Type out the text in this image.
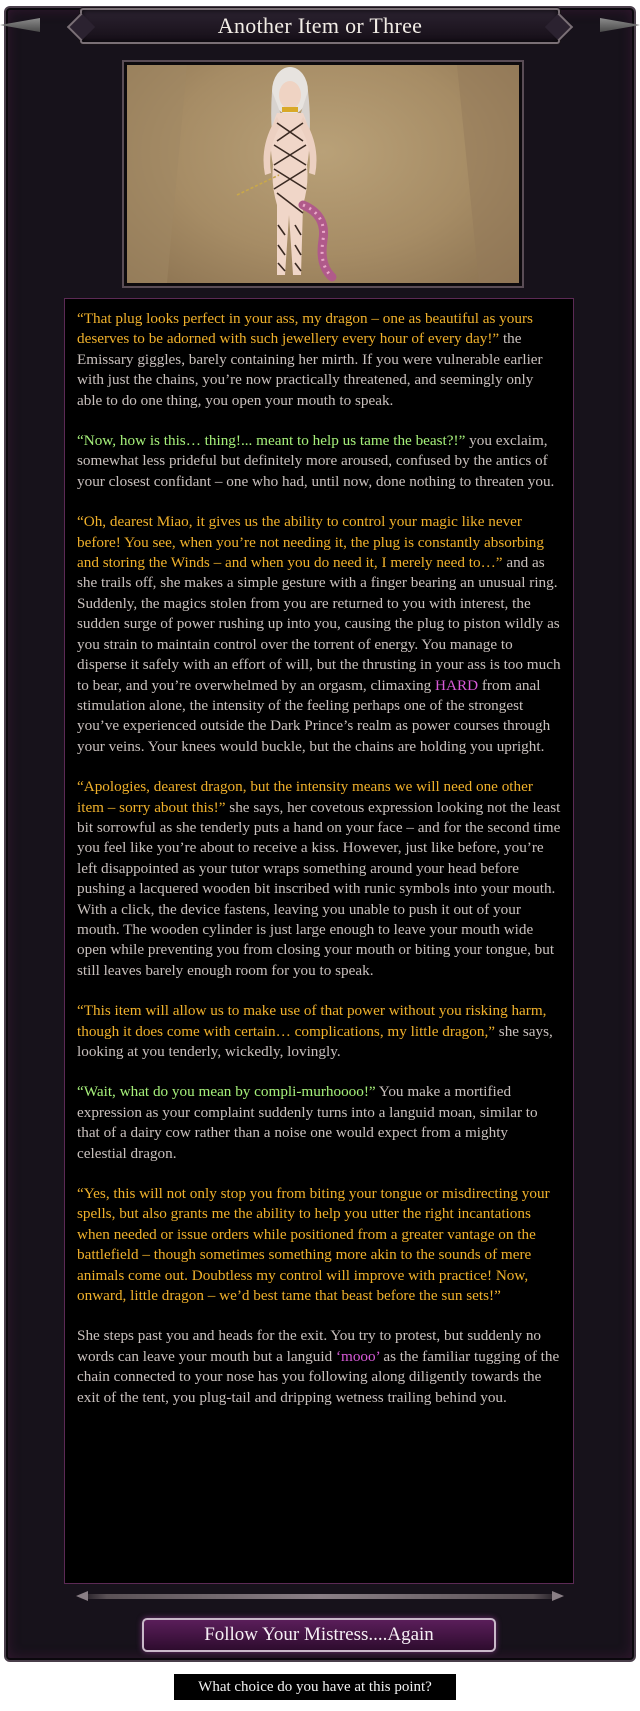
Another Item or Three

“That plug looks perfect in your ass, my dragon – one as beautiful as yours deserves to be adorned with such jewellery every hour of every day!” the Emissary giggles, barely containing her mirth. If you were vulnerable earlier with just the chains, you’re now practically threatened, and seemingly only able to do one thing, you open your mouth to speak.

“Now, how is this… thing!... meant to help us tame the beast?!” you exclaim, somewhat less prideful but definitely more aroused, confused by the antics of your closest confidant – one who had, until now, done nothing to threaten you.

“Oh, dearest Miao, it gives us the ability to control your magic like never before! You see, when you’re not needing it, the plug is constantly absorbing and storing the Winds – and when you do need it, I merely need to…” and as she trails off, she makes a simple gesture with a finger bearing an unusual ring. Suddenly, the magics stolen from you are returned to you with interest, the sudden surge of power rushing up into you, causing the plug to piston wildly as you strain to maintain control over the torrent of energy. You manage to disperse it safely with an effort of will, but the thrusting in your ass is too much to bear, and you’re overwhelmed by an orgasm, climaxing HARD from anal stimulation alone, the intensity of the feeling perhaps one of the strongest you’ve experienced outside the Dark Prince’s realm as power courses through your veins. Your knees would buckle, but the chains are holding you upright.

“Apologies, dearest dragon, but the intensity means we will need one other item – sorry about this!” she says, her covetous expression looking not the least bit sorrowful as she tenderly puts a hand on your face – and for the second time you feel like you’re about to receive a kiss. However, just like before, you’re left disappointed as your tutor wraps something around your head before pushing a lacquered wooden bit inscribed with runic symbols into your mouth. With a click, the device fastens, leaving you unable to push it out of your mouth. The wooden cylinder is just large enough to leave your mouth wide open while preventing you from closing your mouth or biting your tongue, but still leaves barely enough room for you to speak.

“This item will allow us to make use of that power without you risking harm, though it does come with certain… complications, my little dragon,” she says, looking at you tenderly, wickedly, lovingly.

“Wait, what do you mean by compli-murhoooo!” You make a mortified expression as your complaint suddenly turns into a languid moan, similar to that of a dairy cow rather than a noise one would expect from a mighty celestial dragon.

“Yes, this will not only stop you from biting your tongue or misdirecting your spells, but also grants me the ability to help you utter the right incantations when needed or issue orders while positioned from a greater vantage on the battlefield – though sometimes something more akin to the sounds of mere animals come out. Doubtless my control will improve with practice! Now, onward, little dragon – we’d best tame that beast before the sun sets!”

She steps past you and heads for the exit. You try to protest, but suddenly no words can leave your mouth but a languid ‘mooo’ as the familiar tugging of the chain connected to your nose has you following along diligently towards the exit of the tent, you plug-tail and dripping wetness trailing behind you.

Follow Your Mistress....Again
What choice do you have at this point?
